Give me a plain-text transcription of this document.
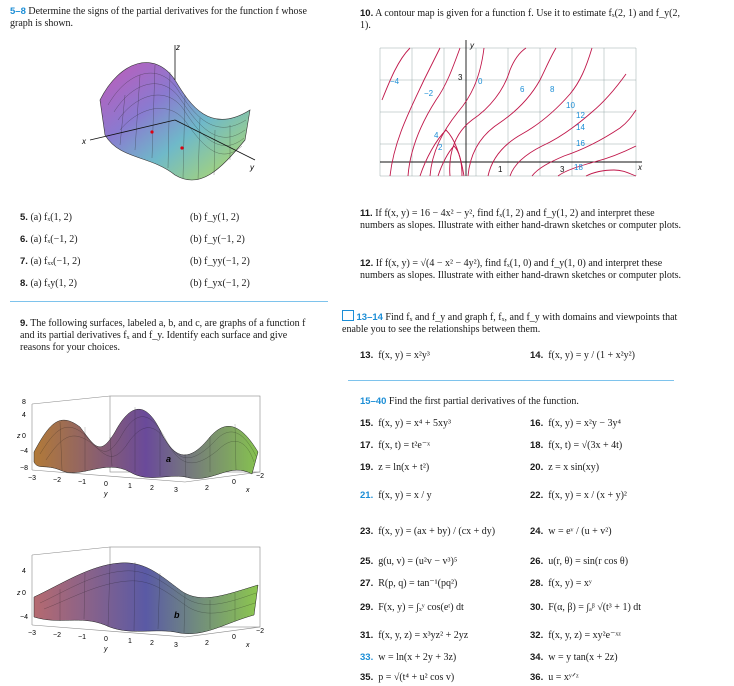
5–8 Determine the signs of the partial derivatives for the function f whose graph is shown.
z
x
y
5. (a) fₓ(1, 2)	(b) f_y(1, 2)
6. (a) fₓ(−1, 2)	(b) f_y(−1, 2)
7. (a) fₓₓ(−1, 2)	(b) f_yy(−1, 2)
8. (a) fₓy(1, 2)	(b) f_yx(−1, 2)
9. The following surfaces, labeled a, b, and c, are graphs of a function f and its partial derivatives fₓ and f_y. Identify each surface and give reasons for your choices.
a
8
4
0
−4
−8
z
−3 −2 −1	0	1	2	3
y
2
0
−2
x
b
4
0
−4
z
−3 −2 −1	0	1	2	3
y
2
0
−2
x
10. A contour map is given for a function f. Use it to estimate fₓ(2, 1) and f_y(2, 1).
−4
−2
0
6	8
10
12
14
16
18
4
2
3
1	3	x
y
11. If f(x, y) = 16 − 4x² − y², find fₓ(1, 2) and f_y(1, 2) and interpret these numbers as slopes. Illustrate with either hand-drawn sketches or computer plots.
12. If f(x, y) = √(4 − x² − 4y²), find fₓ(1, 0) and f_y(1, 0) and interpret these numbers as slopes. Illustrate with either hand-drawn sketches or computer plots.
13–14 Find fₓ and f_y and graph f, fₓ, and f_y with domains and viewpoints that enable you to see the relationships between them.
13. f(x, y) = x²y³	14. f(x, y) = y / (1 + x²y²)
15–40 Find the first partial derivatives of the function.
15. f(x, y) = x⁴ + 5xy³	16. f(x, y) = x²y − 3y⁴
17. f(x, t) = t²e⁻ˣ	18. f(x, t) = √(3x + 4t)
19. z = ln(x + t²)	20. z = x sin(xy)
21. f(x, y) = x / y	22. f(x, y) = x / (x + y)²
23. f(x, y) = (ax + by) / (cx + dy)	24. w = eᵛ / (u + v²)
25. g(u, v) = (u²v − v³)⁵	26. u(r, θ) = sin(r cos θ)
27. R(p, q) = tan⁻¹(pq²)	28. f(x, y) = xʸ
29. F(x, y) = ∫ₓʸ cos(eᵗ) dt	30. F(α, β) = ∫ₐᵝ √(t³ + 1) dt
31. f(x, y, z) = x³yz² + 2yz	32. f(x, y, z) = xy²e⁻ˣᶻ
33. w = ln(x + 2y + 3z)	34. w = y tan(x + 2z)
35. p = √(t⁴ + u² cos v)	36. u = xʸᐟᶻ
